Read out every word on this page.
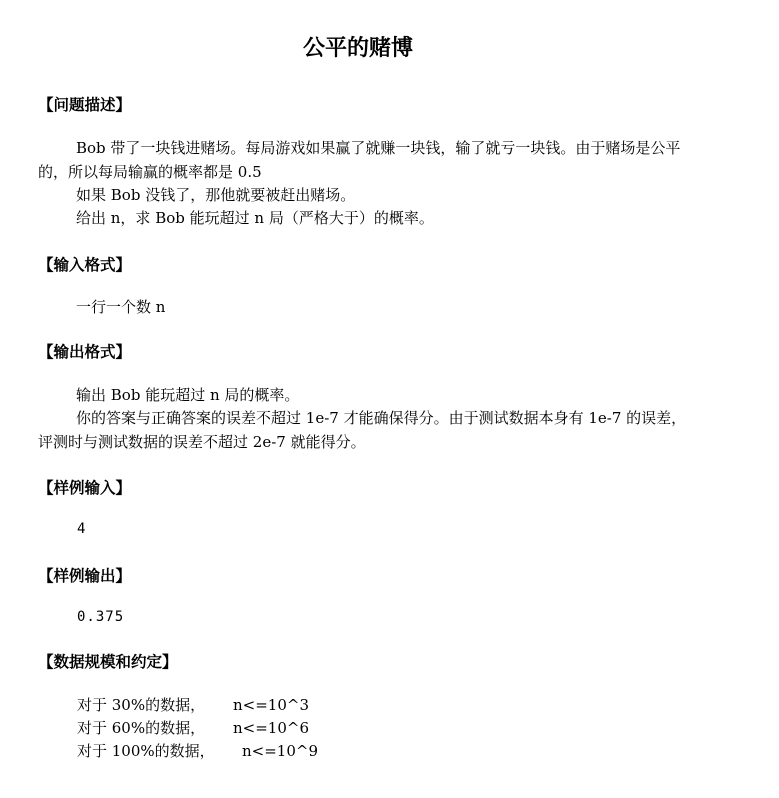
公平的赌博
【问题描述】

Bob 带了一块钱进赌场。每局游戏如果赢了就赚一块钱，输了就亏一块钱。由于赌场是公平的，所以每局输赢的概率都是 0.5

如果 Bob 没钱了，那他就要被赶出赌场。

给出 n，求 Bob 能玩超过 n 局（严格大于）的概率。

【输入格式】

一行一个数 n

【输出格式】

输出 Bob 能玩超过 n 局的概率。

你的答案与正确答案的误差不超过 1e-7 才能确保得分。由于测试数据本身有 1e-7 的误差，评测时与测试数据的误差不超过 2e-7 就能得分。

【样例输入】
4
【样例输出】
0.375
【数据规模和约定】
对于 30%的数据， n<=10^3
对于 60%的数据， n<=10^6
对于 100%的数据， n<=10^9
